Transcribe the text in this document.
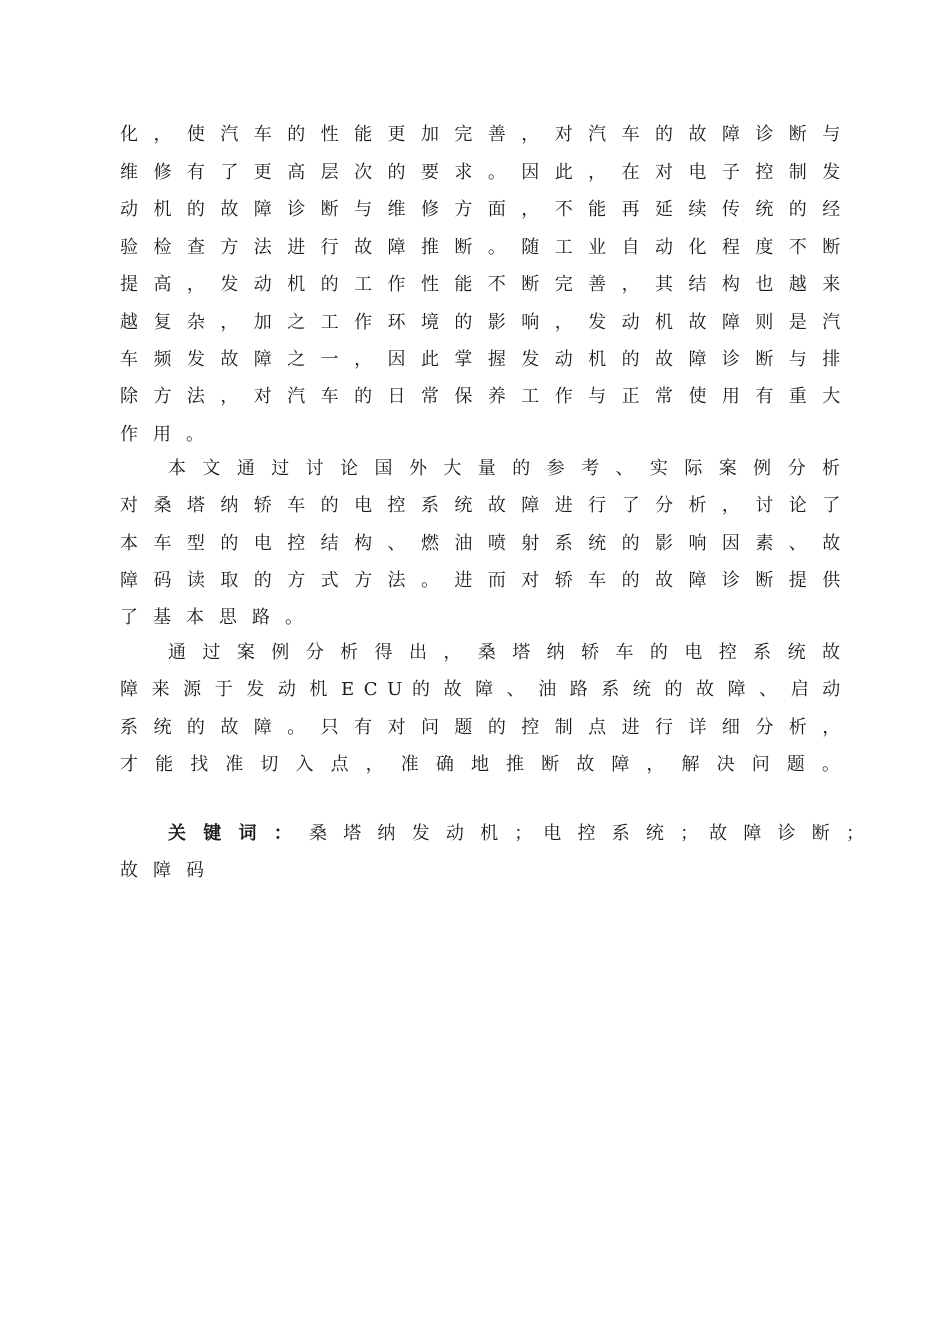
化 ， 使 汽 车 的 性 能 更 加 完 善 ， 对 汽 车 的 故 障 诊 断 与
维 修 有 了 更 高 层 次 的 要 求 。 因 此 ， 在 对 电 子 控 制 发
动 机 的 故 障 诊 断 与 维 修 方 面 ， 不 能 再 延 续 传 统 的 经
验 检 查 方 法 进 行 故 障 推 断 。 随 工 业 自 动 化 程 度 不 断
提 高 ， 发 动 机 的 工 作 性 能 不 断 完 善 ， 其 结 构 也 越 来
越 复 杂 ， 加 之 工 作 环 境 的 影 响 ， 发 动 机 故 障 则 是 汽
车 频 发 故 障 之 一 ， 因 此 掌 握 发 动 机 的 故 障 诊 断 与 排
除 方 法 ， 对 汽 车 的 日 常 保 养 工 作 与 正 常 使 用 有 重 大
作用。
本 文 通 过 讨 论 国 外 大 量 的 参 考 、 实 际 案 例 分 析
对 桑 塔 纳 轿 车 的 电 控 系 统 故 障 进 行 了 分 析 ， 讨 论 了
本 车 型 的 电 控 结 构 、 燃 油 喷 射 系 统 的 影 响 因 素 、 故
障 码 读 取 的 方 式 方 法 。 进 而 对 轿 车 的 故 障 诊 断 提 供
了基本思路。
通 过 案 例 分 析 得 出 ， 桑 塔 纳 轿 车 的 电 控 系 统 故
障 来 源 于 发 动 机 E C U 的 故 障 、 油 路 系 统 的 故 障 、 启 动
系 统 的 故 障 。 只 有 对 问 题 的 控 制 点 进 行 详 细 分 析 ，
才 能 找 准 切 入 点 ， 准 确 地 推 断 故 障 ， 解 决 问 题 。
关键词：桑 塔 纳 发 动 机 ； 电 控 系 统 ； 故 障 诊 断 ；
故障码
